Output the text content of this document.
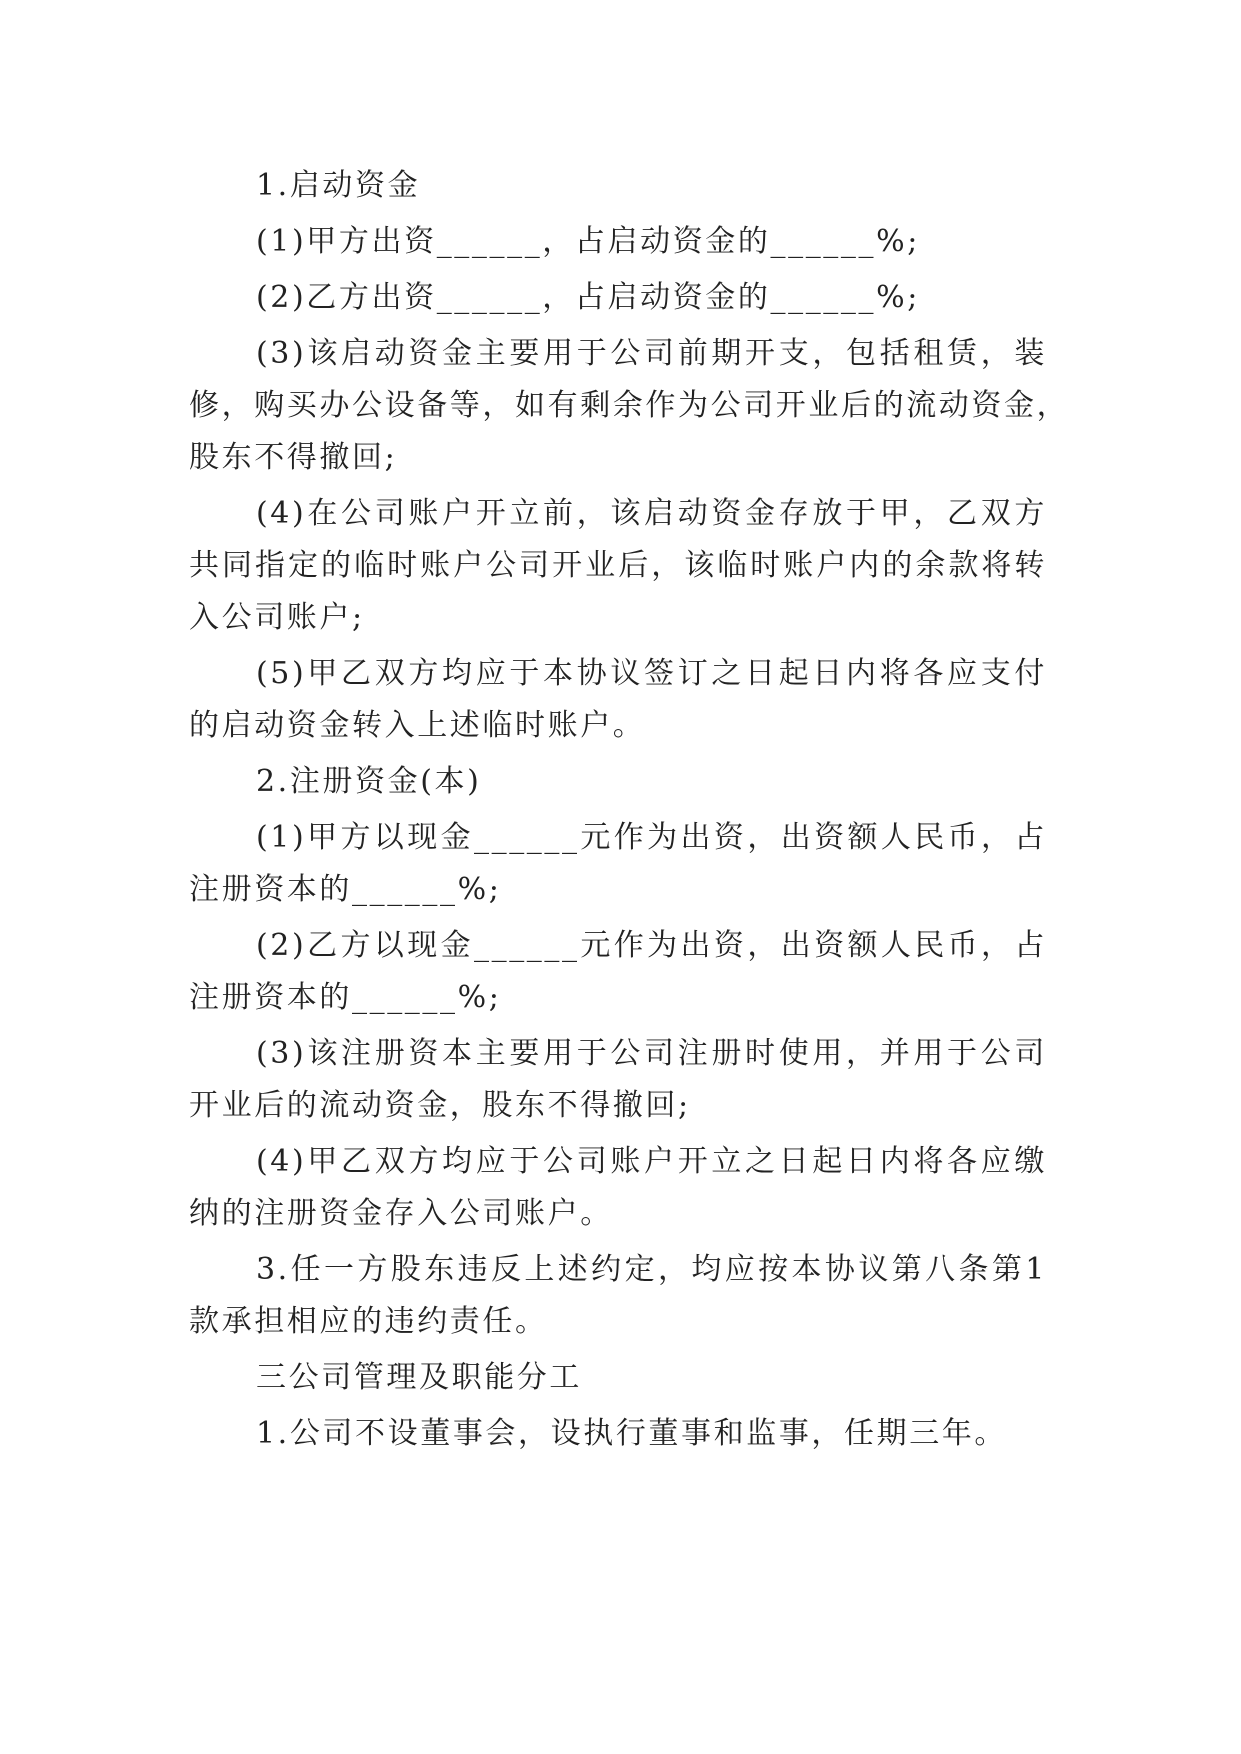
1.启动资金
(1)甲方出资______，占启动资金的______%;
(2)乙方出资______，占启动资金的______%;
(3)该启动资金主要用于公司前期开支，包括租赁，装
修，购买办公设备等，如有剩余作为公司开业后的流动资金，
股东不得撤回;
(4)在公司账户开立前，该启动资金存放于甲，乙双方
共同指定的临时账户公司开业后，该临时账户内的余款将转
入公司账户;
(5)甲乙双方均应于本协议签订之日起日内将各应支付
的启动资金转入上述临时账户。
2.注册资金(本)
(1)甲方以现金______元作为出资，出资额人民币，占
注册资本的______%;
(2)乙方以现金______元作为出资，出资额人民币，占
注册资本的______%;
(3)该注册资本主要用于公司注册时使用，并用于公司
开业后的流动资金，股东不得撤回;
(4)甲乙双方均应于公司账户开立之日起日内将各应缴
纳的注册资金存入公司账户。
3.任一方股东违反上述约定，均应按本协议第八条第1
款承担相应的违约责任。
三公司管理及职能分工
1.公司不设董事会，设执行董事和监事，任期三年。
